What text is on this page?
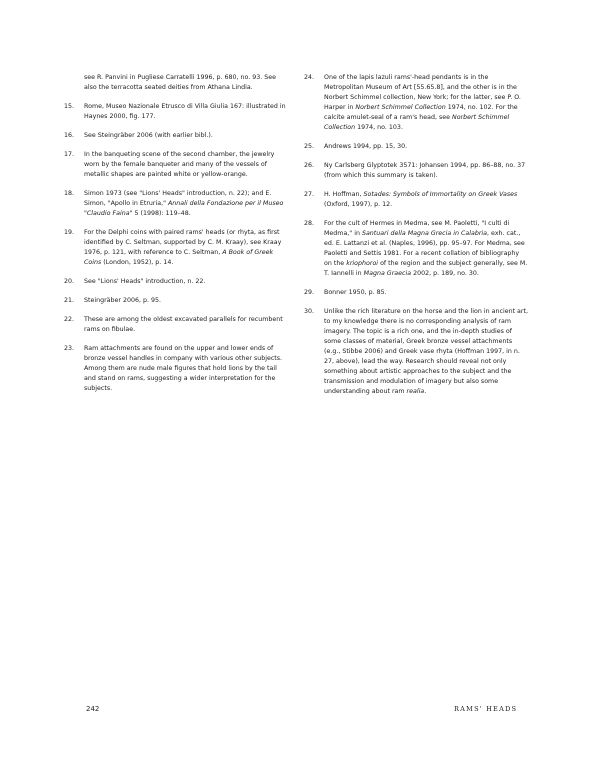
see R. Panvini in Pugliese Carratelli 1996, p. 680, no. 93. See also the terracotta seated deities from Athana Lindia.
15. Rome, Museo Nazionale Etrusco di Villa Giulia 167: illustrated in Haynes 2000, fig. 177.
16. See Steingräber 2006 (with earlier bibl.).
17. In the banqueting scene of the second chamber, the jewelry worn by the female banqueter and many of the vessels of metallic shapes are painted white or yellow-orange.
18. Simon 1973 (see "Lions' Heads" introduction, n. 22); and E. Simon, "Apollo in Etruria," Annali della Fondazione per il Museo "Claudio Faina" 5 (1998): 119–48.
19. For the Delphi coins with paired rams' heads (or rhyta, as first identified by C. Seltman, supported by C. M. Kraay), see Kraay 1976, p. 121, with reference to C. Seltman, A Book of Greek Coins (London, 1952), p. 14.
20. See "Lions' Heads" introduction, n. 22.
21. Steingräber 2006, p. 95.
22. These are among the oldest excavated parallels for recumbent rams on fibulae.
23. Ram attachments are found on the upper and lower ends of bronze vessel handles in company with various other subjects. Among them are nude male figures that hold lions by the tail and stand on rams, suggesting a wider interpretation for the subjects.
24. One of the lapis lazuli rams'-head pendants is in the Metropolitan Museum of Art [55.65.8], and the other is in the Norbert Schimmel collection, New York; for the latter, see P. O. Harper in Norbert Schimmel Collection 1974, no. 102. For the calcite amulet-seal of a ram's head, see Norbert Schimmel Collection 1974, no. 103.
25. Andrews 1994, pp. 15, 30.
26. Ny Carlsberg Glyptotek 3571: Johansen 1994, pp. 86–88, no. 37 (from which this summary is taken).
27. H. Hoffman, Sotades: Symbols of Immortality on Greek Vases (Oxford, 1997), p. 12.
28. For the cult of Hermes in Medma, see M. Paoletti, "I culti di Medma," in Santuari della Magna Grecia in Calabria, exh. cat., ed. E. Lattanzi et al. (Naples, 1996), pp. 95–97. For Medma, see Paoletti and Settis 1981. For a recent collation of bibliography on the kriophoroi of the region and the subject generally, see M. T. Iannelli in Magna Graecia 2002, p. 189, no. 30.
29. Bonner 1950, p. 85.
30. Unlike the rich literature on the horse and the lion in ancient art, to my knowledge there is no corresponding analysis of ram imagery. The topic is a rich one, and the in-depth studies of some classes of material, Greek bronze vessel attachments (e.g., Stibbe 2006) and Greek vase rhyta (Hoffman 1997, in n. 27, above), lead the way. Research should reveal not only something about artistic approaches to the subject and the transmission and modulation of imagery but also some understanding about ram realia.
242	RAMS' HEADS
